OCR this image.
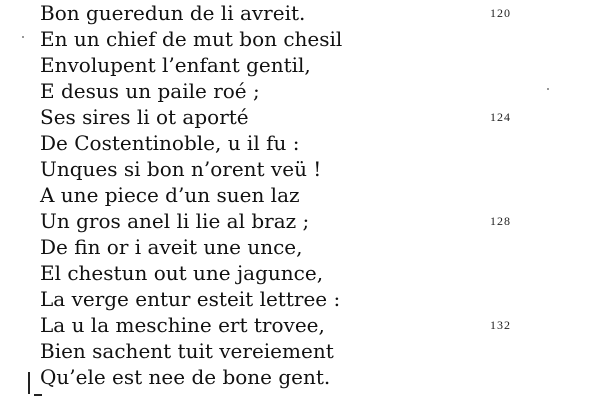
Bon gueredun de li avreit.
En un chief de mut bon chesil
Envolupent l’enfant gentil,
E desus un paile roé ;
Ses sires li ot aporté
De Costentinoble, u il fu :
Unques si bon n’orent veü !
A une piece d’un suen laz
Un gros anel li lie al braz ;
De fin or i aveit une unce,
El chestun out une jagunce,
La verge entur esteit lettree :
La u la meschine ert trovee,
Bien sachent tuit vereiement
Qu’ele est nee de bone gent.
120
124
128
132
